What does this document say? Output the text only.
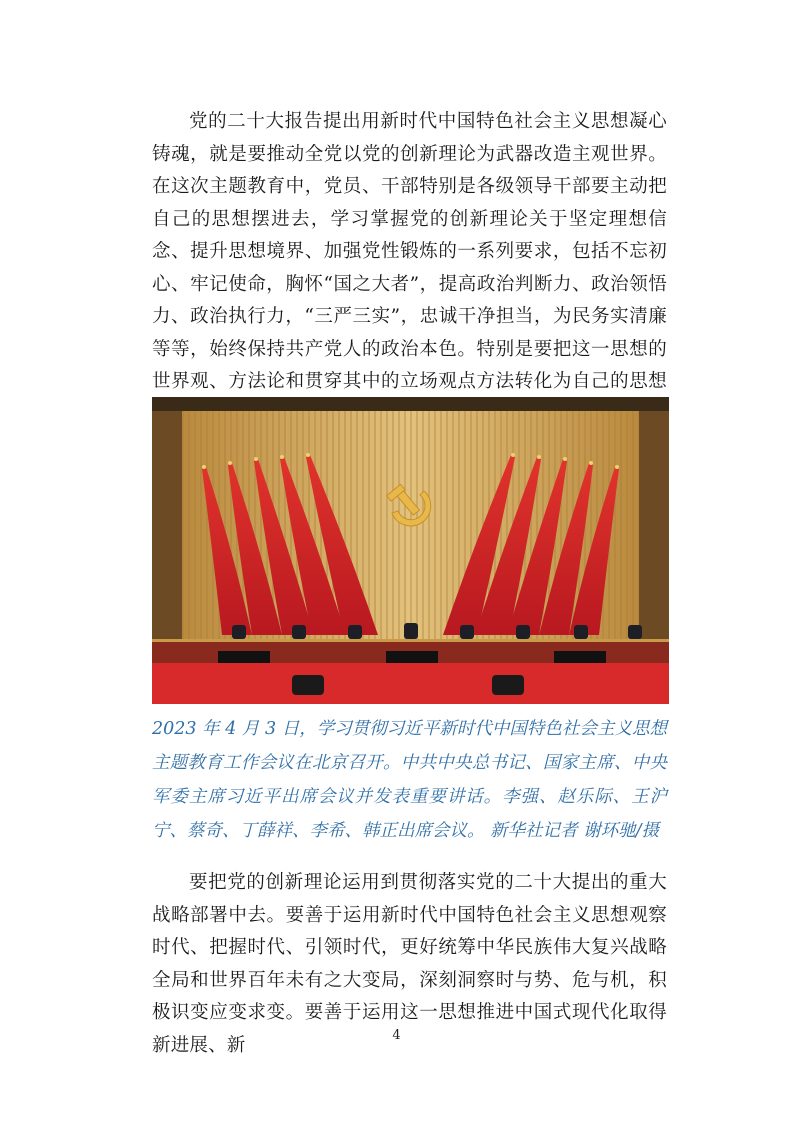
党的二十大报告提出用新时代中国特色社会主义思想凝心铸魂，就是要推动全党以党的创新理论为武器改造主观世界。在这次主题教育中，党员、干部特别是各级领导干部要主动把自己的思想摆进去，学习掌握党的创新理论关于坚定理想信念、提升思想境界、加强党性锻炼的一系列要求，包括不忘初心、牢记使命，胸怀“国之大者”，提高政治判断力、政治领悟力、政治执行力，“三严三实”，忠诚干净担当，为民务实清廉等等，始终保持共产党人的政治本色。特别是要把这一思想的世界观、方法论和贯穿其中的立场观点方法转化为自己的思想

2023 年 4 月 3 日，学习贯彻习近平新时代中国特色社会主义思想主题教育工作会议在北京召开。中共中央总书记、国家主席、中央军委主席习近平出席会议并发表重要讲话。李强、赵乐际、王沪宁、蔡奇、丁薛祥、李希、韩正出席会议。 新华社记者 谢环驰/摄

要把党的创新理论运用到贯彻落实党的二十大提出的重大战略部署中去。要善于运用新时代中国特色社会主义思想观察时代、把握时代、引领时代，更好统筹中华民族伟大复兴战略全局和世界百年未有之大变局，深刻洞察时与势、危与机，积极识变应变求变。要善于运用这一思想推进中国式现代化取得新进展、新	4
